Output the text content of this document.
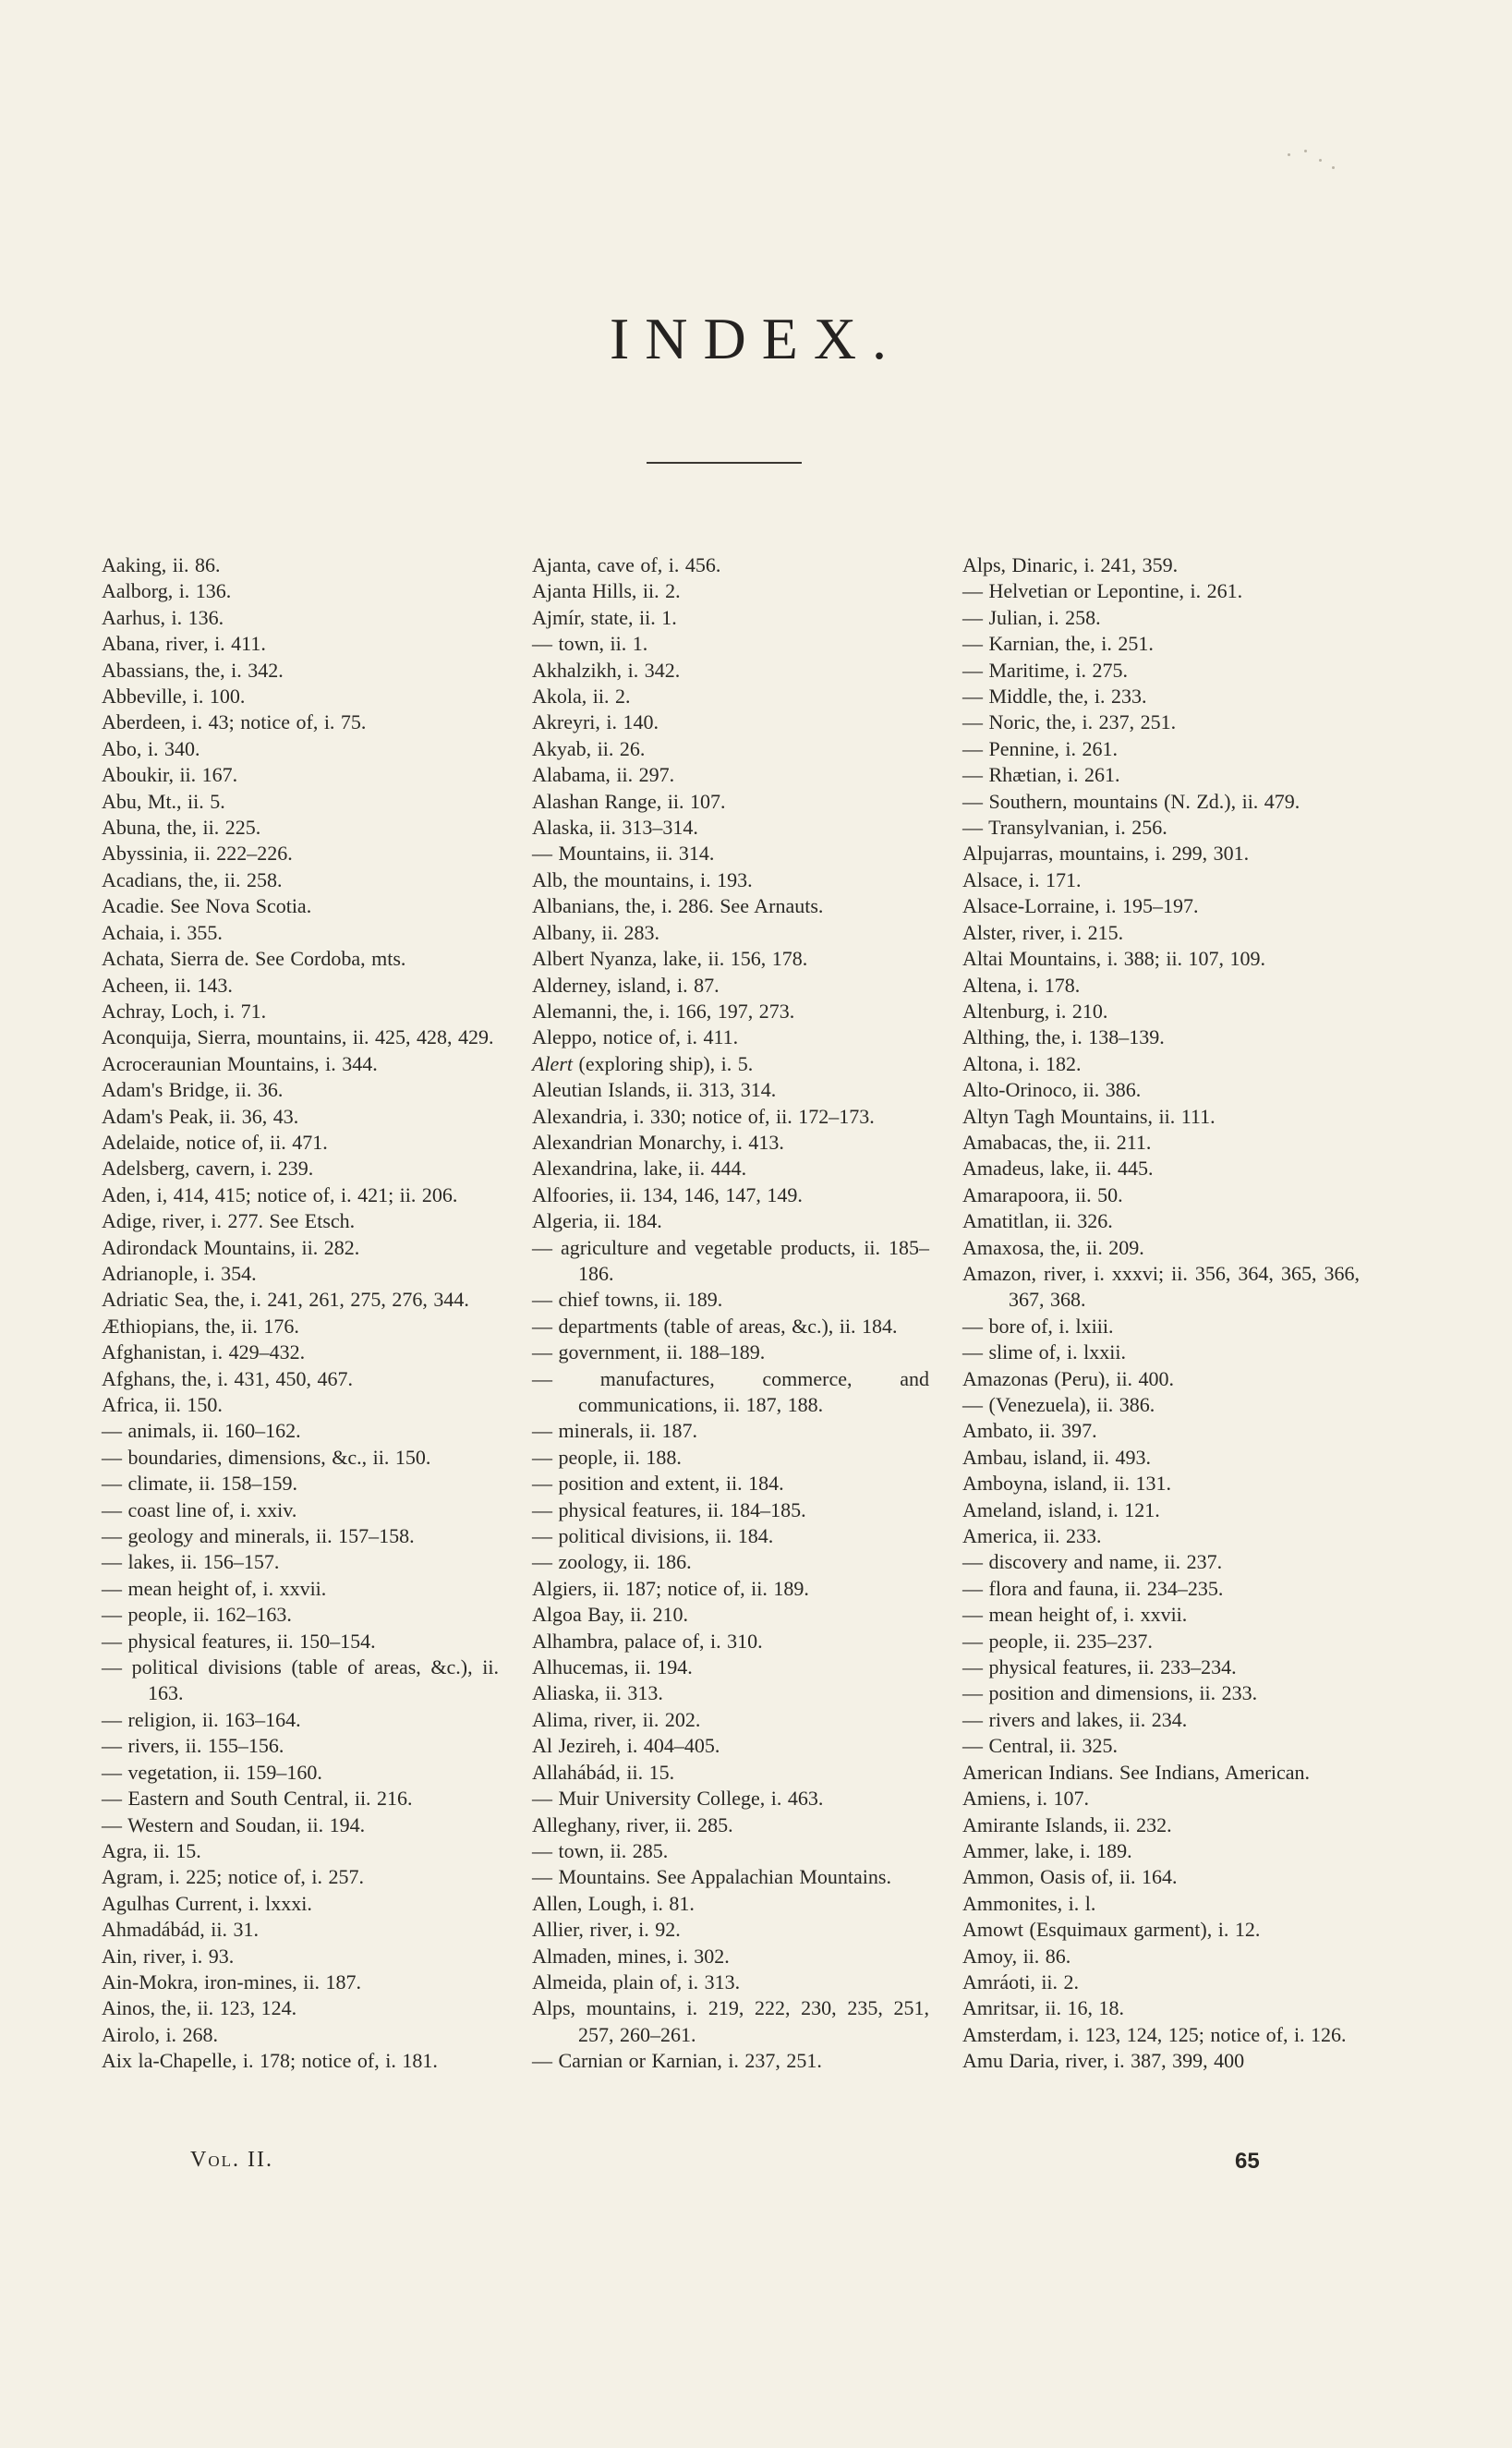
INDEX.

Aaking, ii. 86.

Aalborg, i. 136.

Aarhus, i. 136.

Abana, river, i. 411.

Abassians, the, i. 342.

Abbeville, i. 100.

Aberdeen, i. 43; notice of, i. 75.

Abo, i. 340.

Aboukir, ii. 167.

Abu, Mt., ii. 5.

Abuna, the, ii. 225.

Abyssinia, ii. 222–226.

Acadians, the, ii. 258.

Acadie. See Nova Scotia.

Achaia, i. 355.

Achata, Sierra de. See Cordoba, mts.

Acheen, ii. 143.

Achray, Loch, i. 71.

Aconquija, Sierra, mountains, ii. 425, 428, 429.

Acroceraunian Mountains, i. 344.

Adam's Bridge, ii. 36.

Adam's Peak, ii. 36, 43.

Adelaide, notice of, ii. 471.

Adelsberg, cavern, i. 239.

Aden, i, 414, 415; notice of, i. 421; ii. 206.

Adige, river, i. 277. See Etsch.

Adirondack Mountains, ii. 282.

Adrianople, i. 354.

Adriatic Sea, the, i. 241, 261, 275, 276, 344.

Æthiopians, the, ii. 176.

Afghanistan, i. 429–432.

Afghans, the, i. 431, 450, 467.

Africa, ii. 150.

— animals, ii. 160–162.

— boundaries, dimensions, &c., ii. 150.

— climate, ii. 158–159.

— coast line of, i. xxiv.

— geology and minerals, ii. 157–158.

— lakes, ii. 156–157.

— mean height of, i. xxvii.

— people, ii. 162–163.

— physical features, ii. 150–154.

— political divisions (table of areas, &c.), ii. 163.

— religion, ii. 163–164.

— rivers, ii. 155–156.

— vegetation, ii. 159–160.

— Eastern and South Central, ii. 216.

— Western and Soudan, ii. 194.

Agra, ii. 15.

Agram, i. 225; notice of, i. 257.

Agulhas Current, i. lxxxi.

Ahmadábád, ii. 31.

Ain, river, i. 93.

Ain-Mokra, iron-mines, ii. 187.

Ainos, the, ii. 123, 124.

Airolo, i. 268.

Aix la-Chapelle, i. 178; notice of, i. 181.

Ajanta, cave of, i. 456.

Ajanta Hills, ii. 2.

Ajmír, state, ii. 1.

— town, ii. 1.

Akhalzikh, i. 342.

Akola, ii. 2.

Akreyri, i. 140.

Akyab, ii. 26.

Alabama, ii. 297.

Alashan Range, ii. 107.

Alaska, ii. 313–314.

— Mountains, ii. 314.

Alb, the mountains, i. 193.

Albanians, the, i. 286. See Arnauts.

Albany, ii. 283.

Albert Nyanza, lake, ii. 156, 178.

Alderney, island, i. 87.

Alemanni, the, i. 166, 197, 273.

Aleppo, notice of, i. 411.

Alert (exploring ship), i. 5.

Aleutian Islands, ii. 313, 314.

Alexandria, i. 330; notice of, ii. 172–173.

Alexandrian Monarchy, i. 413.

Alexandrina, lake, ii. 444.

Alfoories, ii. 134, 146, 147, 149.

Algeria, ii. 184.

— agriculture and vegetable products, ii. 185–186.

— chief towns, ii. 189.

— departments (table of areas, &c.), ii. 184.

— government, ii. 188–189.

— manufactures, commerce, and communications, ii. 187, 188.

— minerals, ii. 187.

— people, ii. 188.

— position and extent, ii. 184.

— physical features, ii. 184–185.

— political divisions, ii. 184.

— zoology, ii. 186.

Algiers, ii. 187; notice of, ii. 189.

Algoa Bay, ii. 210.

Alhambra, palace of, i. 310.

Alhucemas, ii. 194.

Aliaska, ii. 313.

Alima, river, ii. 202.

Al Jezireh, i. 404–405.

Allahábád, ii. 15.

— Muir University College, i. 463.

Alleghany, river, ii. 285.

— town, ii. 285.

— Mountains. See Appalachian Mountains.

Allen, Lough, i. 81.

Allier, river, i. 92.

Almaden, mines, i. 302.

Almeida, plain of, i. 313.

Alps, mountains, i. 219, 222, 230, 235, 251, 257, 260–261.

— Carnian or Karnian, i. 237, 251.

Alps, Dinaric, i. 241, 359.

— Helvetian or Lepontine, i. 261.

— Julian, i. 258.

— Karnian, the, i. 251.

— Maritime, i. 275.

— Middle, the, i. 233.

— Noric, the, i. 237, 251.

— Pennine, i. 261.

— Rhætian, i. 261.

— Southern, mountains (N. Zd.), ii. 479.

— Transylvanian, i. 256.

Alpujarras, mountains, i. 299, 301.

Alsace, i. 171.

Alsace-Lorraine, i. 195–197.

Alster, river, i. 215.

Altai Mountains, i. 388; ii. 107, 109.

Altena, i. 178.

Altenburg, i. 210.

Althing, the, i. 138–139.

Altona, i. 182.

Alto-Orinoco, ii. 386.

Altyn Tagh Mountains, ii. 111.

Amabacas, the, ii. 211.

Amadeus, lake, ii. 445.

Amarapoora, ii. 50.

Amatitlan, ii. 326.

Amaxosa, the, ii. 209.

Amazon, river, i. xxxvi; ii. 356, 364, 365, 366, 367, 368.

— bore of, i. lxiii.

— slime of, i. lxxii.

Amazonas (Peru), ii. 400.

— (Venezuela), ii. 386.

Ambato, ii. 397.

Ambau, island, ii. 493.

Amboyna, island, ii. 131.

Ameland, island, i. 121.

America, ii. 233.

— discovery and name, ii. 237.

— flora and fauna, ii. 234–235.

— mean height of, i. xxvii.

— people, ii. 235–237.

— physical features, ii. 233–234.

— position and dimensions, ii. 233.

— rivers and lakes, ii. 234.

— Central, ii. 325.

American Indians. See Indians, American.

Amiens, i. 107.

Amirante Islands, ii. 232.

Ammer, lake, i. 189.

Ammon, Oasis of, ii. 164.

Ammonites, i. l.

Amowt (Esquimaux garment), i. 12.

Amoy, ii. 86.

Amráoti, ii. 2.

Amritsar, ii. 16, 18.

Amsterdam, i. 123, 124, 125; notice of, i. 126.

Amu Daria, river, i. 387, 399, 400

Vol. II.	65
